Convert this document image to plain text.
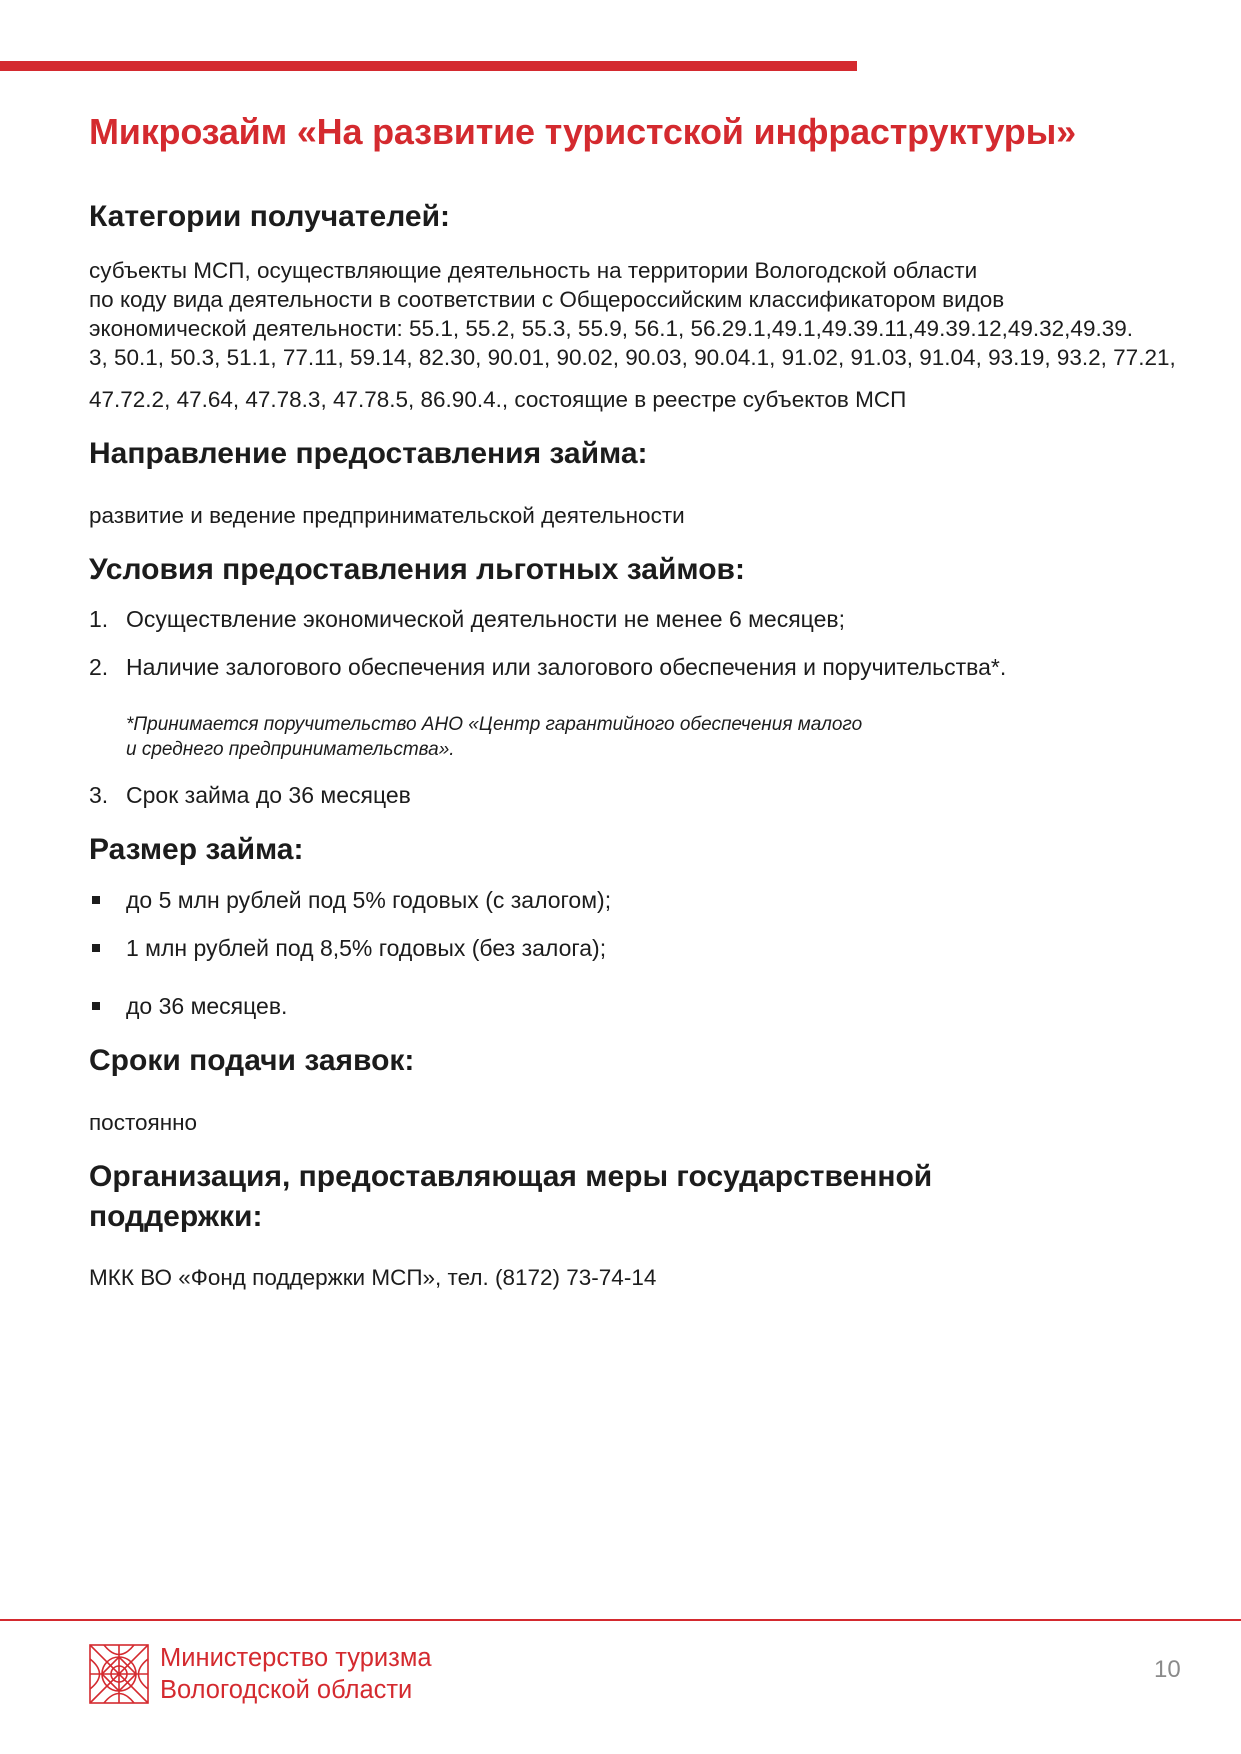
Микрозайм «На развитие туристской инфраструктуры»
Категории получателей:
субъекты МСП, осуществляющие деятельность на территории Вологодской области
по коду вида деятельности в соответствии с Общероссийским классификатором видов
экономической деятельности: 55.1, 55.2, 55.3, 55.9, 56.1, 56.29.1,49.1,49.39.11,49.39.12,49.32,49.39.
3, 50.1, 50.3, 51.1, 77.11, 59.14, 82.30, 90.01, 90.02, 90.03, 90.04.1, 91.02, 91.03, 91.04, 93.19, 93.2, 77.21,
47.72.2, 47.64, 47.78.3, 47.78.5, 86.90.4., состоящие в реестре субъектов МСП
Направление предоставления займа:
развитие и ведение предпринимательской деятельности
Условия предоставления льготных займов:
1. Осуществление экономической деятельности не менее 6 месяцев;
2. Наличие залогового обеспечения или залогового обеспечения и поручительства*.
*Принимается поручительство АНО «Центр гарантийного обеспечения малого
и среднего предпринимательства».
3. Срок займа до 36 месяцев
Размер займа:
до 5 млн рублей под 5% годовых (с залогом);
1 млн рублей под 8,5% годовых (без залога);
до 36 месяцев.
Сроки подачи заявок:
постоянно
Организация, предоставляющая меры государственной
поддержки:
МКК ВО «Фонд поддержки МСП», тел. (8172) 73-74-14
Министерство туризма
Вологодской области
10
